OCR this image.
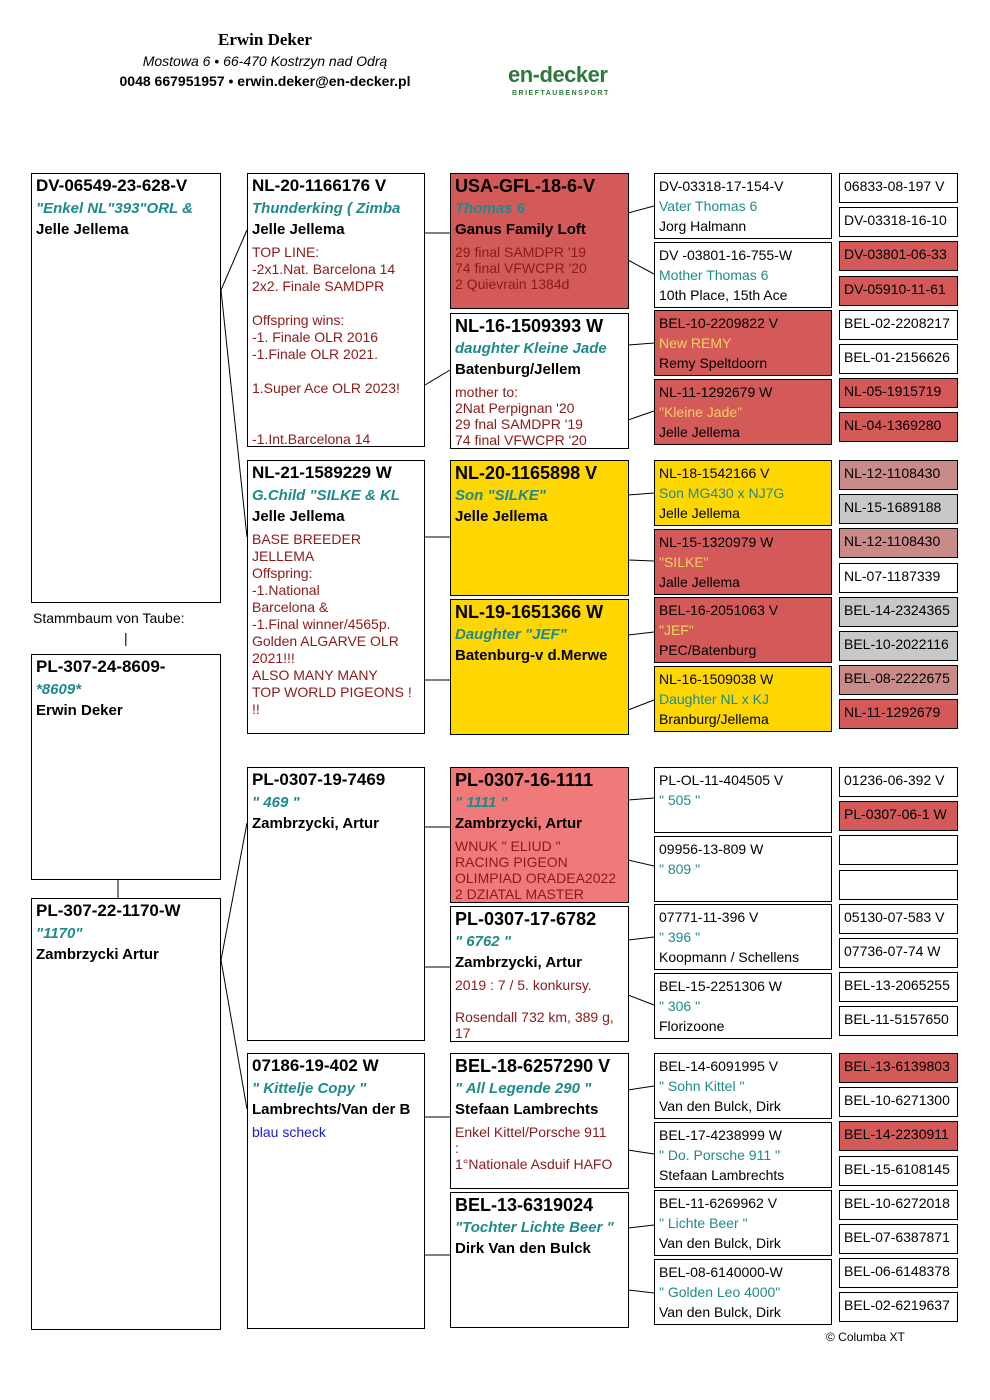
Erwin Deker
Mostowa 6 • 66-470 Kostrzyn nad Odrą
0048 667951957 • erwin.deker@en-decker.pl	en-decker
BRIEFTAUBENSPORT
DV-06549-23-628-V
"Enkel NL"393"ORL &
Jelle Jellema
Stammbaum von Taube:
|
PL-307-24-8609-
*8609*
Erwin Deker
PL-307-22-1170-W
"1170"
Zambrzycki Artur
NL-20-1166176 V
Thunderking ( Zimba
Jelle Jellema
TOP LINE:
-2x1.Nat. Barcelona 14
2x2. Finale SAMDPR

Offspring wins:
-1. Finale OLR 2016
-1.Finale OLR 2021.

1.Super Ace OLR 2023!

-1.Int.Barcelona 14
NL-21-1589229 W
G.Child "SILKE & KL
Jelle Jellema
BASE BREEDER
JELLEMA
Offspring:
-1.National
Barcelona &
-1.Final winner/4565p.
Golden ALGARVE OLR
2021!!!
ALSO MANY MANY
TOP WORLD PIGEONS !
!!
PL-0307-19-7469
" 469 "
Zambrzycki, Artur
07186-19-402 W
" Kittelje Copy "
Lambrechts/Van der B
blau scheck
USA-GFL-18-6-V
Thomas 6
Ganus Family Loft
29 final SAMDPR '19
74 final VFWCPR '20
2 Quievrain 1384d
NL-16-1509393 W
daughter Kleine Jade
Batenburg/Jellem
mother to:
2Nat Perpignan '20
29 fnal SAMDPR '19
74 final VFWCPR '20
NL-20-1165898 V
Son "SILKE"
Jelle Jellema
NL-19-1651366 W
Daughter "JEF"
Batenburg-v d.Merwe
PL-0307-16-1111
" 1111 "
Zambrzycki, Artur
WNUK " ELIUD "
RACING PIGEON
OLIMPIAD ORADEA2022
2 DZIATAL MASTER
PL-0307-17-6782
" 6762 "
Zambrzycki, Artur
2019 : 7 / 5. konkursy.

Rosendall 732 km, 389 g,
17
BEL-18-6257290 V
" All Legende 290 "
Stefaan Lambrechts
Enkel Kittel/Porsche 911
:
1°Nationale Asduif HAFO
BEL-13-6319024
"Tochter Lichte Beer "
Dirk Van den Bulck
DV-03318-17-154-V
Vater Thomas 6
Jorg Halmann
DV -03801-16-755-W
Mother Thomas 6
10th Place, 15th Ace
BEL-10-2209822 V
New REMY
Remy Speltdoorn
NL-11-1292679 W
"Kleine Jade"
Jelle Jellema
NL-18-1542166 V
Son MG430 x NJ7G
Jelle Jellema
NL-15-1320979 W
"SILKE"
Jalle Jellema
BEL-16-2051063 V
"JEF"
PEC/Batenburg
NL-16-1509038 W
Daughter NL x KJ
Branburg/Jellema
PL-OL-11-404505 V
" 505 "
09956-13-809 W
" 809 "
07771-11-396 V
" 396 "
Koopmann / Schellens
BEL-15-2251306 W
" 306 "
Florizoone
BEL-14-6091995 V
" Sohn Kittel "
Van den Bulck, Dirk
BEL-17-4238999 W
" Do. Porsche 911 "
Stefaan Lambrechts
BEL-11-6269962 V
" Lichte Beer "
Van den Bulck, Dirk
BEL-08-6140000-W
" Golden Leo 4000"
Van den Bulck, Dirk
06833-08-197 V
DV-03318-16-10
DV-03801-06-33
DV-05910-11-61
BEL-02-2208217
BEL-01-2156626
NL-05-1915719
NL-04-1369280
NL-12-1108430
NL-15-1689188
NL-12-1108430
NL-07-1187339
BEL-14-2324365
BEL-10-2022116
BEL-08-2222675
NL-11-1292679
01236-06-392 V
PL-0307-06-1 W
05130-07-583 V
07736-07-74 W
BEL-13-2065255
BEL-11-5157650
BEL-13-6139803
BEL-10-6271300
BEL-14-2230911
BEL-15-6108145
BEL-10-6272018
BEL-07-6387871
BEL-06-6148378
BEL-02-6219637
© Columba XT
